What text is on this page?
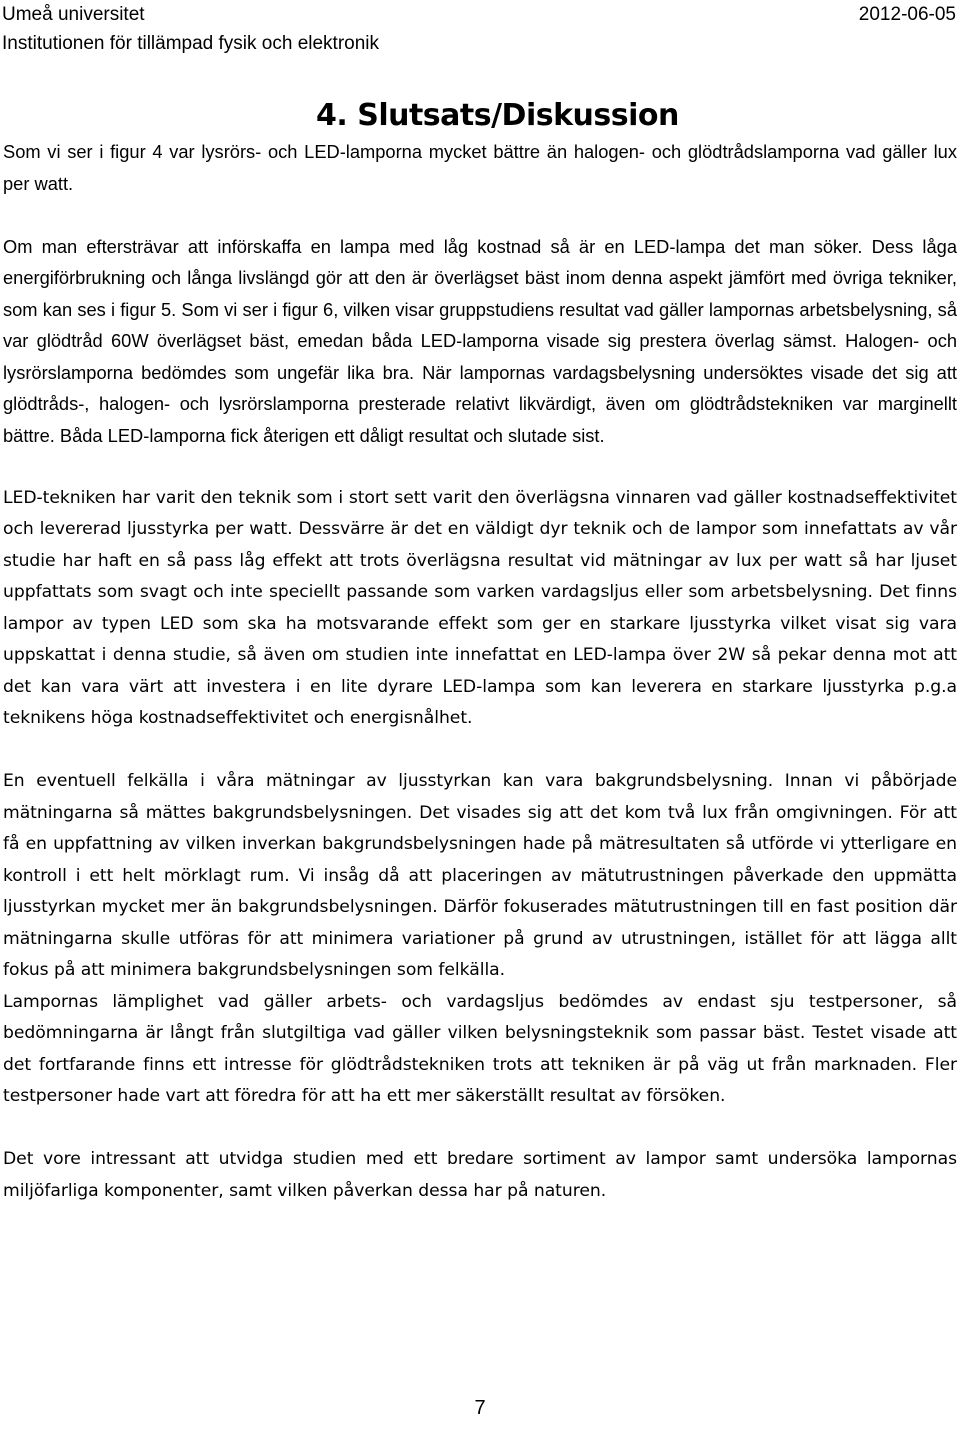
Umeå universitet	2012-06-05
Institutionen för tillämpad fysik och elektronik
4. Slutsats/Diskussion

Som vi ser i figur 4 var lysrörs- och LED-lamporna mycket bättre än halogen- och glödtrådslamporna vad gäller lux per watt.

Om man eftersträvar att införskaffa en lampa med låg kostnad så är en LED-lampa det man söker. Dess låga energiförbrukning och långa livslängd gör att den är överlägset bäst inom denna aspekt jämfört med övriga tekniker, som kan ses i figur 5. Som vi ser i figur 6, vilken visar gruppstudiens resultat vad gäller lampornas arbetsbelysning, så var glödtråd 60W överlägset bäst, emedan båda LED-lamporna visade sig prestera överlag sämst. Halogen- och lysrörslamporna bedömdes som ungefär lika bra. När lampornas vardagsbelysning undersöktes visade det sig att glödtråds-, halogen- och lysrörslamporna presterade relativt likvärdigt, även om glödtrådstekniken var marginellt bättre. Båda LED-lamporna fick återigen ett dåligt resultat och slutade sist.

LED-tekniken har varit den teknik som i stort sett varit den överlägsna vinnaren vad gäller kostnadseffektivitet och levererad ljusstyrka per watt. Dessvärre är det en väldigt dyr teknik och de lampor som innefattats av vår studie har haft en så pass låg effekt att trots överlägsna resultat vid mätningar av lux per watt så har ljuset uppfattats som svagt och inte speciellt passande som varken vardagsljus eller som arbetsbelysning. Det finns lampor av typen LED som ska ha motsvarande effekt som ger en starkare ljusstyrka vilket visat sig vara uppskattat i denna studie, så även om studien inte innefattat en LED-lampa över 2W så pekar denna mot att det kan vara värt att investera i en lite dyrare LED-lampa som kan leverera en starkare ljusstyrka p.g.a teknikens höga kostnadseffektivitet och energisnålhet.

En eventuell felkälla i våra mätningar av ljusstyrkan kan vara bakgrundsbelysning. Innan vi påbörjade mätningarna så mättes bakgrundsbelysningen. Det visades sig att det kom två lux från omgivningen. För att få en uppfattning av vilken inverkan bakgrundsbelysningen hade på mätresultaten så utförde vi ytterligare en kontroll i ett helt mörklagt rum. Vi insåg då att placeringen av mätutrustningen påverkade den uppmätta ljusstyrkan mycket mer än bakgrundsbelysningen. Därför fokuserades mätutrustningen till en fast position där mätningarna skulle utföras för att minimera variationer på grund av utrustningen, istället för att lägga allt fokus på att minimera bakgrundsbelysningen som felkälla.

Lampornas lämplighet vad gäller arbets- och vardagsljus bedömdes av endast sju testpersoner, så bedömningarna är långt från slutgiltiga vad gäller vilken belysningsteknik som passar bäst. Testet visade att det fortfarande finns ett intresse för glödtrådstekniken trots att tekniken är på väg ut från marknaden. Fler testpersoner hade vart att föredra för att ha ett mer säkerställt resultat av försöken.

Det vore intressant att utvidga studien med ett bredare sortiment av lampor samt undersöka lampornas miljöfarliga komponenter, samt vilken påverkan dessa har på naturen.

7
